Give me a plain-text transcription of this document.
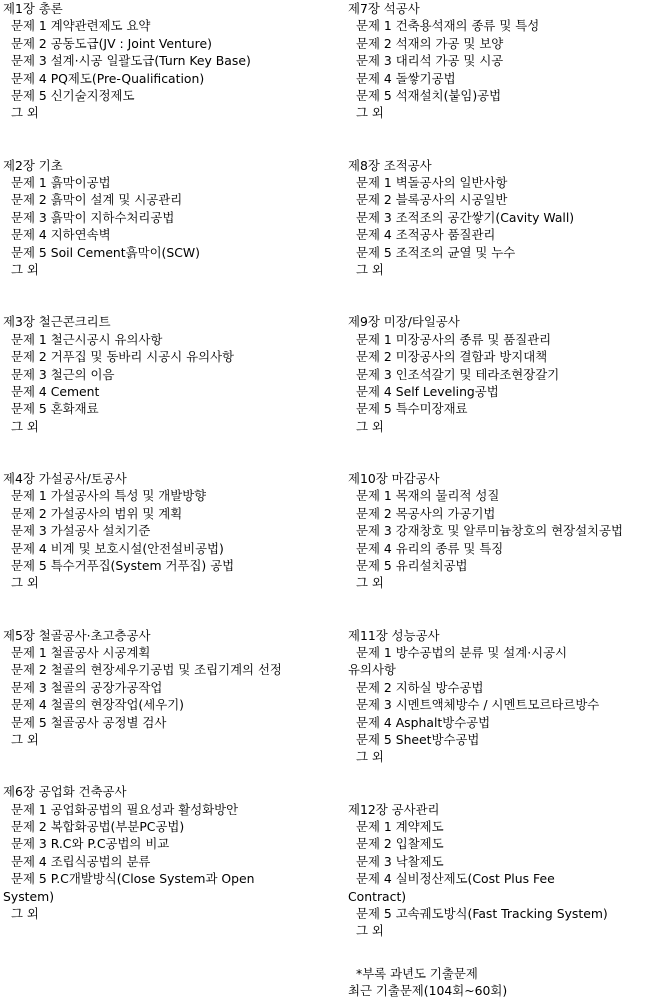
제1장 총론
문제 1 계약관련제도 요약
문제 2 공동도급(JV : Joint Venture)
문제 3 설계·시공 일괄도급(Turn Key Base)
문제 4 PQ제도(Pre-Qualification)
문제 5 신기술지정제도
그 외
제2장 기초
문제 1 흙막이공법
문제 2 흙막이 설계 및 시공관리
문제 3 흙막이 지하수처리공법
문제 4 지하연속벽
문제 5 Soil Cement흙막이(SCW)
그 외
제3장 철근콘크리트
문제 1 철근시공시 유의사항
문제 2 거푸집 및 동바리 시공시 유의사항
문제 3 철근의 이음
문제 4 Cement
문제 5 혼화재료
그 외
제4장 가설공사/토공사
문제 1 가설공사의 특성 및 개발방향
문제 2 가설공사의 범위 및 계획
문제 3 가설공사 설치기준
문제 4 비계 및 보호시설(안전설비공법)
문제 5 특수거푸집(System 거푸집) 공법
그 외
제5장 철골공사·초고층공사
문제 1 철골공사 시공계획
문제 2 철골의 현장세우기공법 및 조립기계의 선정
문제 3 철골의 공장가공작업
문제 4 철골의 현장작업(세우기)
문제 5 철골공사 공정별 검사
그 외
제6장 공업화 건축공사
문제 1 공업화공법의 필요성과 활성화방안
문제 2 복합화공법(부분PC공법)
문제 3 R.C와 P.C공법의 비교
문제 4 조립식공법의 분류
문제 5 P.C개발방식(Close System과 Open
System)
그 외
제7장 석공사
문제 1 건축용석재의 종류 및 특성
문제 2 석재의 가공 및 보양
문제 3 대리석 가공 및 시공
문제 4 돌쌓기공법
문제 5 석재설치(붙임)공법
그 외
제8장 조적공사
문제 1 벽돌공사의 일반사항
문제 2 블록공사의 시공일반
문제 3 조적조의 공간쌓기(Cavity Wall)
문제 4 조적공사 품질관리
문제 5 조적조의 균열 및 누수
그 외
제9장 미장/타일공사
문제 1 미장공사의 종류 및 품질관리
문제 2 미장공사의 결함과 방지대책
문제 3 인조석갈기 및 테라조현장갈기
문제 4 Self Leveling공법
문제 5 특수미장재료
그 외
제10장 마감공사
문제 1 목재의 물리적 성질
문제 2 목공사의 가공기법
문제 3 강재창호 및 알루미늄창호의 현장설치공법
문제 4 유리의 종류 및 특징
문제 5 유리설치공법
그 외
제11장 성능공사
문제 1 방수공법의 분류 및 설계·시공시
유의사항
문제 2 지하실 방수공법
문제 3 시멘트액체방수 / 시멘트모르타르방수
문제 4 Asphalt방수공법
문제 5 Sheet방수공법
그 외
제12장 공사관리
문제 1 계약제도
문제 2 입찰제도
문제 3 낙찰제도
문제 4 실비정산제도(Cost Plus Fee
Contract)
문제 5 고속궤도방식(Fast Tracking System)
그 외
*부록 과년도 기출문제
최근 기출문제(104회~60회)
